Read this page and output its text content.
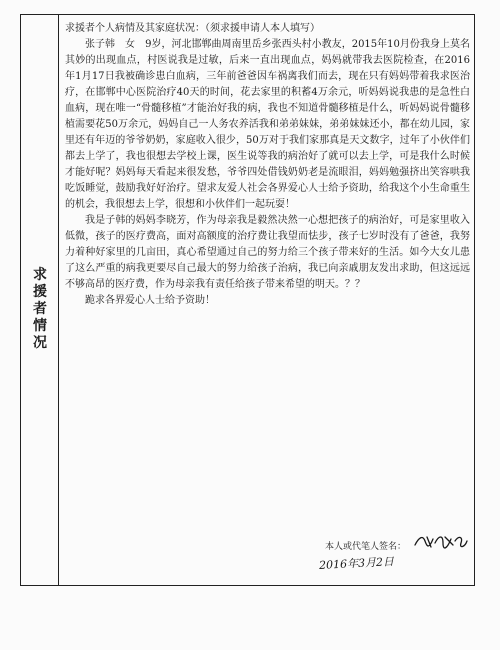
求
援
者
情
况

求援者个人病情及其家庭状况：（须求援申请人本人填写）

张子韩　女　9岁，河北邯郸曲周南里岳乡张西头村小教友，2015年10月份我身上莫名其妙的出现血点，村医说我是过敏，后来一直出现血点，妈妈就带我去医院检查，在2016年1月17日我被确诊患白血病，三年前爸爸因车祸离我们而去，现在只有妈妈带着我求医治疗，在邯郸中心医院治疗40天的时间，花去家里的积蓄4万余元，听妈妈说我患的是急性白血病，现在唯一“骨髓移植”才能治好我的病，我也不知道骨髓移植是什么，听妈妈说骨髓移植需要花50万余元，妈妈自己一人务农养活我和弟弟妹妹，弟弟妹妹还小，都在幼儿园，家里还有年迈的爷爷奶奶，家庭收入很少，50万对于我们家那真是天文数字，过年了小伙伴们都去上学了，我也很想去学校上课，医生说等我的病治好了就可以去上学，可是我什么时候才能好呢？妈妈每天看起来很发愁，爷爷四处借钱奶奶老是流眼泪，妈妈勉强挤出笑容哄我吃饭睡觉，鼓励我好好治疗。望求友爱人社会各界爱心人士给予资助，给我这个小生命重生的机会，我很想去上学，很想和小伙伴们一起玩耍！

我是子韩的妈妈李晓芳，作为母亲我是毅然决然一心想把孩子的病治好，可是家里收入低微，孩子的医疗费高，面对高额度的治疗费让我望而怯步，孩子七岁时没有了爸爸，我努力着种好家里的几亩田，真心希望通过自己的努力给三个孩子带来好的生活。如今大女儿患了这么严重的病我更要尽自己最大的努力给孩子治病，我已向亲戚朋友发出求助，但这远远不够高昂的医疗费，作为母亲我有责任给孩子带来希望的明天。？？

跪求各界爱心人士给予资助！

本人或代笔人签名：
2016年3月2日
